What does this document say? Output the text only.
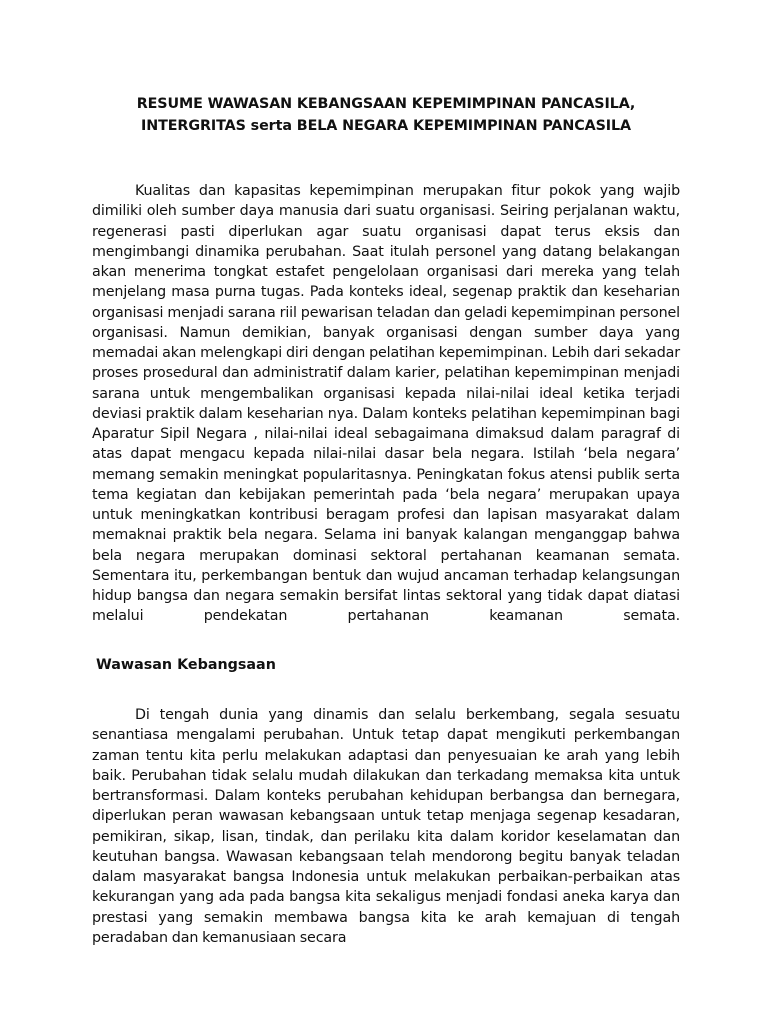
RESUME WAWASAN KEBANGSAAN KEPEMIMPINAN PANCASILA,
INTERGRITAS serta BELA NEGARA KEPEMIMPINAN PANCASILA

Kualitas dan kapasitas kepemimpinan merupakan fitur pokok yang wajib dimiliki oleh sumber daya manusia dari suatu organisasi. Seiring perjalanan waktu, regenerasi pasti diperlukan agar suatu organisasi dapat terus eksis dan mengimbangi dinamika perubahan. Saat itulah personel yang datang belakangan akan menerima tongkat estafet pengelolaan organisasi dari mereka yang telah menjelang masa purna tugas. Pada konteks ideal, segenap praktik dan keseharian organisasi menjadi sarana riil pewarisan teladan dan geladi kepemimpinan personel organisasi. Namun demikian, banyak organisasi dengan sumber daya yang memadai akan melengkapi diri dengan pelatihan kepemimpinan. Lebih dari sekadar proses prosedural dan administratif dalam karier, pelatihan kepemimpinan menjadi sarana untuk mengembalikan organisasi kepada nilai-nilai ideal ketika terjadi deviasi praktik dalam keseharian nya. Dalam konteks pelatihan kepemimpinan bagi Aparatur Sipil Negara , nilai-nilai ideal sebagaimana dimaksud dalam paragraf di atas dapat mengacu kepada nilai-nilai dasar bela negara. Istilah ‘bela negara’ memang semakin meningkat popularitasnya. Peningkatan fokus atensi publik serta tema kegiatan dan kebijakan pemerintah pada ‘bela negara’ merupakan upaya untuk meningkatkan kontribusi beragam profesi dan lapisan masyarakat dalam memaknai praktik bela negara. Selama ini banyak kalangan menganggap bahwa bela negara merupakan dominasi sektoral pertahanan keamanan semata. Sementara itu, perkembangan bentuk dan wujud ancaman terhadap kelangsungan hidup bangsa dan negara semakin bersifat lintas sektoral yang tidak dapat diatasi melalui pendekatan pertahanan keamanan semata.

Wawasan Kebangsaan

Di tengah dunia yang dinamis dan selalu berkembang, segala sesuatu senantiasa mengalami perubahan. Untuk tetap dapat mengikuti perkembangan zaman tentu kita perlu melakukan adaptasi dan penyesuaian ke arah yang lebih baik. Perubahan tidak selalu mudah dilakukan dan terkadang memaksa kita untuk bertransformasi. Dalam konteks perubahan kehidupan berbangsa dan bernegara, diperlukan peran wawasan kebangsaan untuk tetap menjaga segenap kesadaran, pemikiran, sikap, lisan, tindak, dan perilaku kita dalam koridor keselamatan dan keutuhan bangsa. Wawasan kebangsaan telah mendorong begitu banyak teladan dalam masyarakat bangsa Indonesia untuk melakukan perbaikan-perbaikan atas kekurangan yang ada pada bangsa kita sekaligus menjadi fondasi aneka karya dan prestasi yang semakin membawa bangsa kita ke arah kemajuan di tengah peradaban dan kemanusiaan secara
